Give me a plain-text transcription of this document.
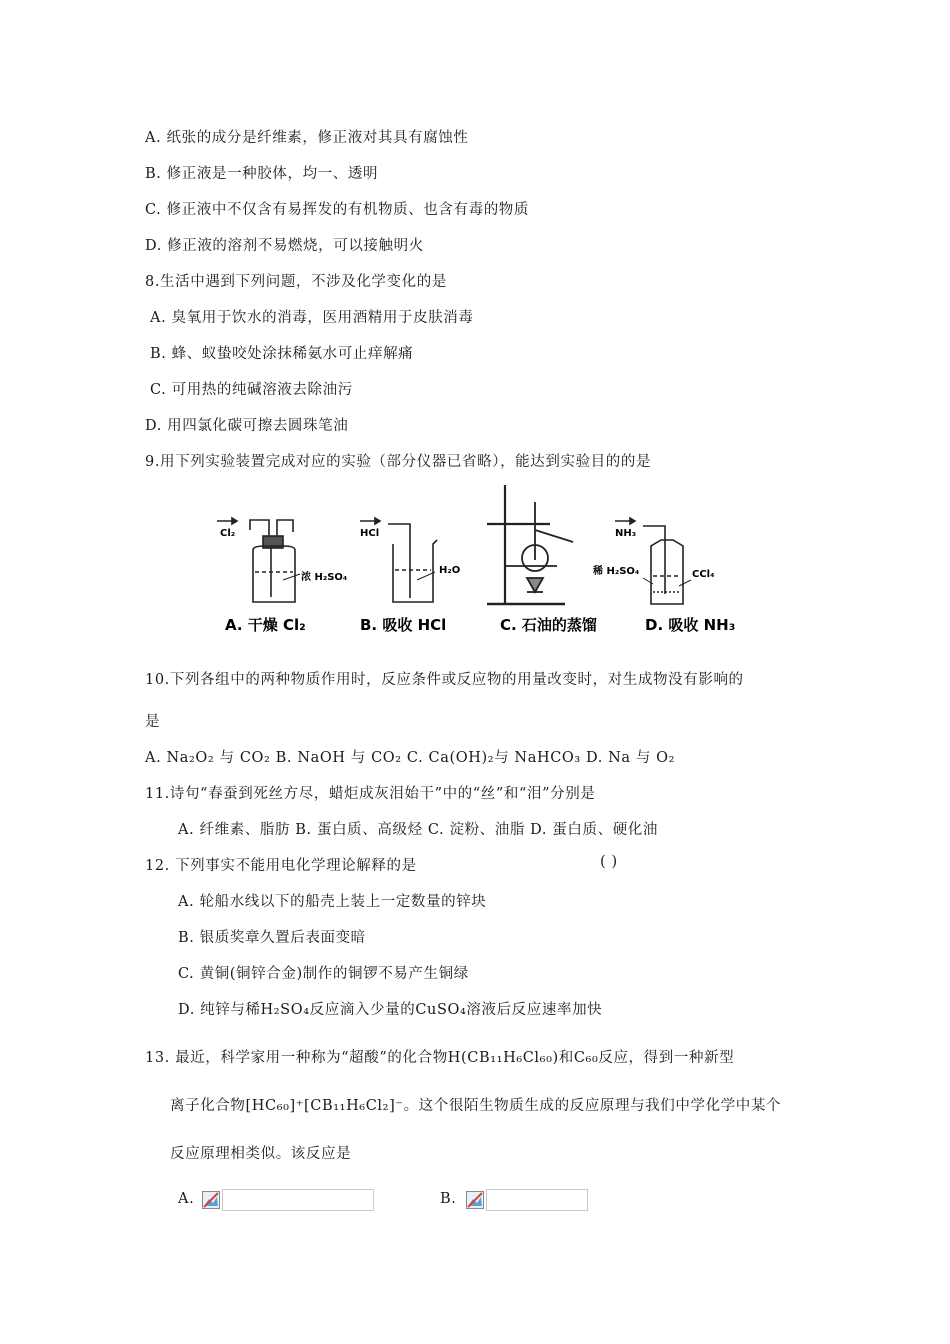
A. 纸张的成分是纤维素，修正液对其具有腐蚀性
B. 修正液是一种胶体，均一、透明
C. 修正液中不仅含有易挥发的有机物质、也含有毒的物质
D. 修正液的溶剂不易燃烧，可以接触明火
8.生活中遇到下列问题，不涉及化学变化的是
A. 臭氧用于饮水的消毒，医用酒精用于皮肤消毒
B. 蜂、蚁蛰咬处涂抹稀氨水可止痒解痛
C. 可用热的纯碱溶液去除油污
D. 用四氯化碳可擦去圆珠笔油
9.用下列实验装置完成对应的实验（部分仪器已省略），能达到实验目的的是
Cl₂
浓 H₂SO₄
A. 干燥 Cl₂
HCl
H₂O
B. 吸收 HCl	C. 石油的蒸馏
NH₃
稀 H₂SO₄	CCl₄
D. 吸收 NH₃
10.下列各组中的两种物质作用时，反应条件或反应物的用量改变时，对生成物没有影响的
是
A. Na₂O₂ 与 CO₂ B. NaOH 与 CO₂ C. Ca(OH)₂与 NaHCO₃ D. Na 与 O₂
11.诗句“春蚕到死丝方尽，蜡炬成灰泪始干”中的“丝”和“泪”分别是
A. 纤维素、脂肪 B. 蛋白质、高级烃 C. 淀粉、油脂 D. 蛋白质、硬化油
12. 下列事实不能用电化学理论解释的是	( )
A. 轮船水线以下的船壳上装上一定数量的锌块
B. 银质奖章久置后表面变暗
C. 黄铜(铜锌合金)制作的铜锣不易产生铜绿
D. 纯锌与稀H₂SO₄反应滴入少量的CuSO₄溶液后反应速率加快
13. 最近，科学家用一种称为“超酸”的化合物H(CB₁₁H₆Cl₆₀)和C₆₀反应，得到一种新型
离子化合物[HC₆₀]⁺[CB₁₁H₆Cl₂]⁻。这个很陌生物质生成的反应原理与我们中学化学中某个
反应原理相类似。该反应是
A.	B.
